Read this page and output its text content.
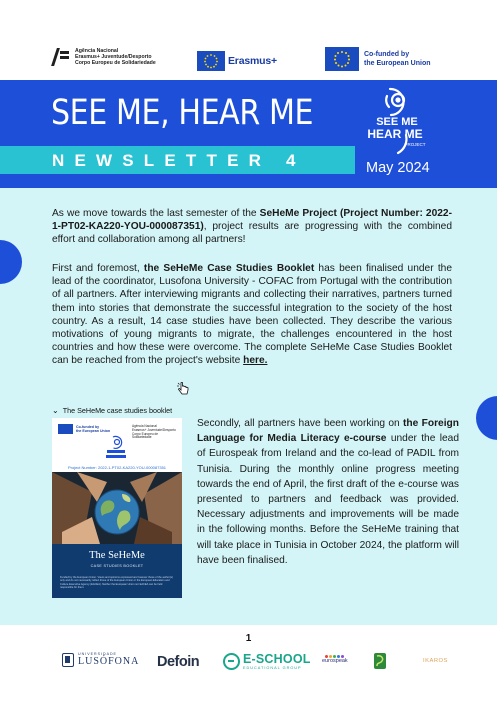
Agência Nacional
Erasmus+ Juventude/Desporto
Corpo Europeu de Solidariedade	Erasmus+
Co-funded by
the European Union
SEE ME, HEAR ME
NEWSLETTER 4
SEE ME
HEAR ME
PROJECT
May 2024

As we move towards the last semester of the SeHeMe Project (Project Number: 2022-1-PT02-KA220-YOU-000087351), project results are progressing with the combined effort and collaboration among all partners!

First and foremost, the SeHeMe Case Studies Booklet has been finalised under the lead of the coordinator, Lusofona University - COFAC from Portugal with the contribution of all partners. After interviewing migrants and collecting their narratives, partners turned them into stories that demonstrate the successful integration to the society of the host country. As a result, 14 case studies have been collected. They describe the various motivations of young migrants to migrate, the challenges encountered in the host countries and how these were overcome. The complete SeHeMe Case Studies Booklet can be reached from the project's website here.

⌄ The SeHeMe case studies booklet
Co-funded by
the European Union
Agência Nacional
Erasmus+ Juventude/Desporto
Corpo Europeu de Solidariedade
Project Number: 2022-1-PT02-KA220-YOU-000087351
The SeHeMe
CASE STUDIES BOOKLET
Funded by the European Union. Views and opinions expressed are however those of the author(s) only and do not necessarily reflect those of the European Union or the European Education and Culture Executive Agency (EACEA). Neither the European Union nor EACEA can be held responsible for them.

Secondly, all partners have been working on the Foreign Language for Media Literacy e-course under the lead of Eurospeak from Ireland and the co-lead of PADIL from Tunisia. During the monthly online progress meeting towards the end of April, the first draft of the e-course was presented to partners and feedback was provided. Necessary adjustments and improvements will be made in the following months. Before the SeHeMe training that will take place in Tunisia in October 2024, the platform will have been finalised.

1
UNIVERSIDADE
LUSÓFONA Defoin	E-SCHOOL
EDUCATIONAL GROUP
eurospeak	IKAROS
